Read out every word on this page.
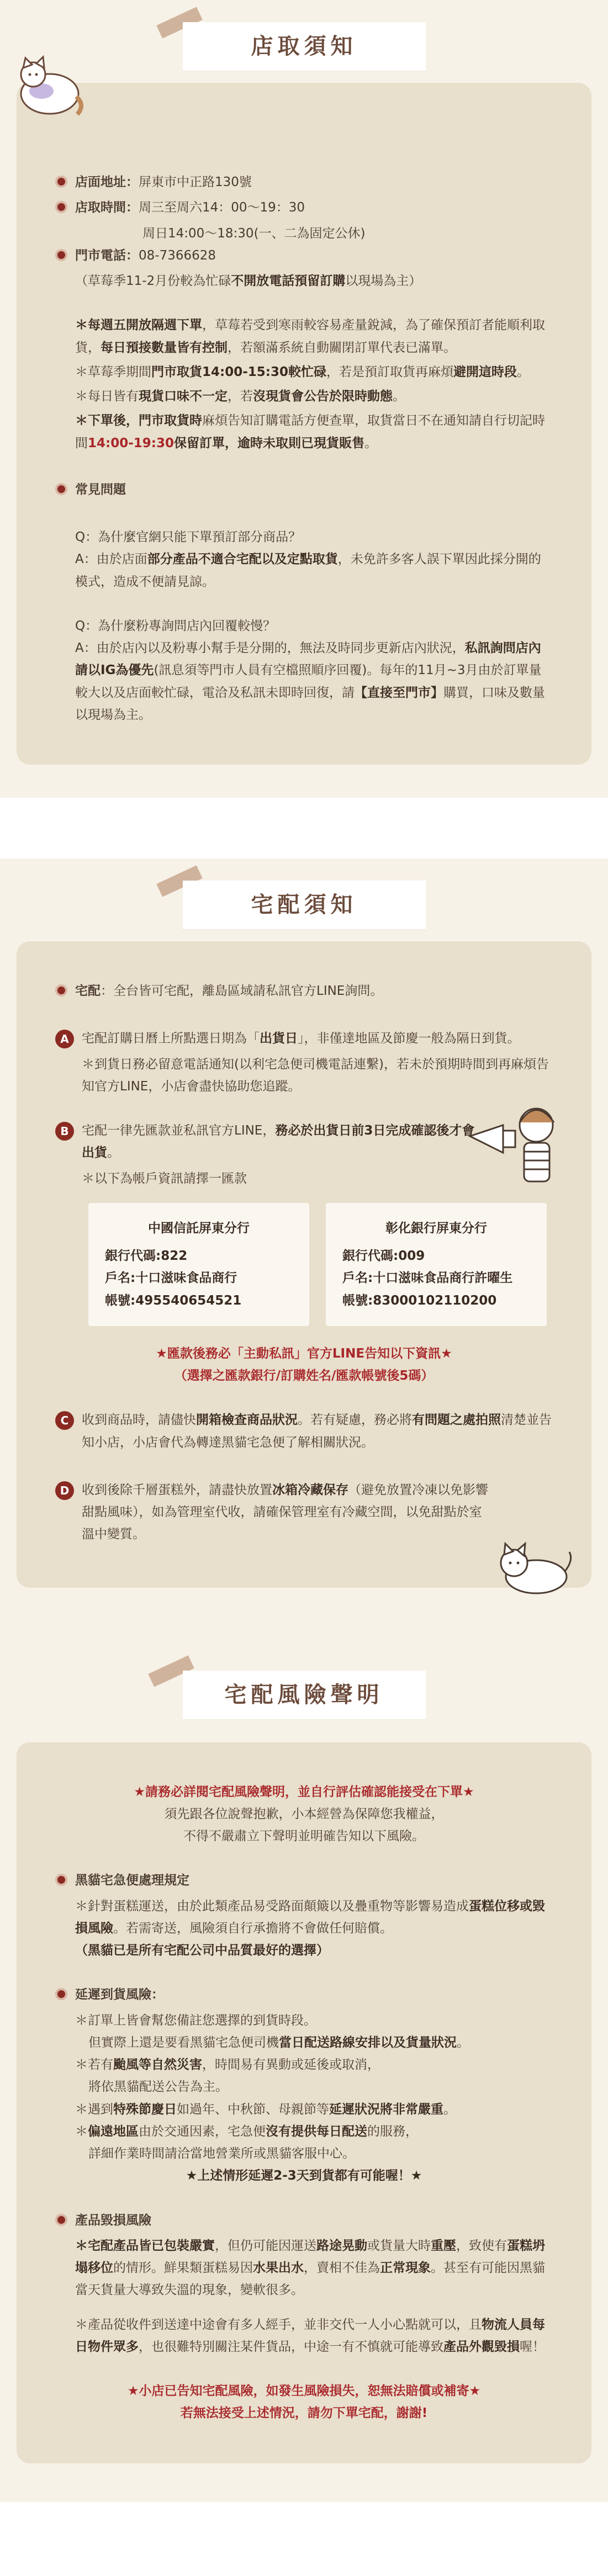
店取須知
店面地址：屏東市中正路130號
店取時間：周三至周六14：00～19：30
周日14:00～18:30(一、二為固定公休)
門市電話：08-7366628
（草莓季11-2月份較為忙碌不開放電話預留訂購以現場為主）
＊每週五開放隔週下單，草莓若受到寒雨較容易產量銳減，為了確保預訂者能順利取貨，每日預接數量皆有控制，若額滿系統自動關閉訂單代表已滿單。
＊草莓季期間門市取貨14:00-15:30較忙碌，若是預訂取貨再麻煩避開這時段。
＊每日皆有現貨口味不一定，若沒現貨會公告於限時動態。
＊下單後，門市取貨時麻煩告知訂購電話方便查單，取貨當日不在通知請自行切記時間14:00-19:30保留訂單，逾時未取則已現貨販售。
常見問題
Q：為什麼官網只能下單預訂部分商品？
A：由於店面部分產品不適合宅配以及定點取貨，未免許多客人誤下單因此採分開的模式，造成不便請見諒。
Q：為什麼粉專詢問店內回覆較慢？
A：由於店內以及粉專小幫手是分開的，無法及時同步更新店內狀況，私訊詢問店內請以IG為優先(訊息須等門市人員有空檔照順序回覆)。每年的11月~3月由於訂單量較大以及店面較忙碌，電洽及私訊未即時回復，請【直接至門市】購買，口味及數量以現場為主。
宅配須知
宅配：全台皆可宅配，離島區域請私訊官方LINE詢問。
A	宅配訂購日曆上所點選日期為「出貨日」，非僅達地區及節慶一般為隔日到貨。
＊到貨日務必留意電話通知(以利宅急便司機電話連繫)，若未於預期時間到再麻煩告知官方LINE，小店會盡快協助您追蹤。
B	宅配一律先匯款並私訊官方LINE，務必於出貨日前3日完成確認後才會出貨。
＊以下為帳戶資訊請擇一匯款
中國信託屏東分行
銀行代碼:822
戶名:十口滋味食品商行
帳號:495540654521
彰化銀行屏東分行
銀行代碼:009
戶名:十口滋味食品商行許曜生
帳號:83000102110200
★匯款後務必「主動私訊」官方LINE告知以下資訊★
（選擇之匯款銀行/訂購姓名/匯款帳號後5碼）
C	收到商品時，請儘快開箱檢查商品狀況。若有疑慮，務必將有問題之處拍照清楚並告知小店，小店會代為轉達黑貓宅急便了解相關狀況。
D 收到後除千層蛋糕外，請盡快放置冰箱冷藏保存（避免放置冷凍以免影響甜點風味），如為管理室代收，請確保管理室有冷藏空間，以免甜點於室溫中變質。
宅配風險聲明
★請務必詳閱宅配風險聲明，並自行評估確認能接受在下單★
須先跟各位說聲抱歉，小本經營為保障您我權益，
不得不嚴肅立下聲明並明確告知以下風險。
黑貓宅急便處理規定
＊針對蛋糕運送，由於此類產品易受路面顛簸以及疊重物等影響易造成蛋糕位移或毀損風險。若需寄送，風險須自行承擔將不會做任何賠償。
（黑貓已是所有宅配公司中品質最好的選擇）
延遲到貨風險：
＊訂單上皆會幫您備註您選擇的到貨時段。
但實際上還是要看黑貓宅急便司機當日配送路線安排以及貨量狀況。
＊若有颱風等自然災害，時間易有異動或延後或取消，
將依黑貓配送公告為主。
＊遇到特殊節慶日如過年、中秋節、母親節等延遲狀況將非常嚴重。
＊偏遠地區由於交通因素，宅急便沒有提供每日配送的服務，
詳細作業時間請洽當地營業所或黑貓客服中心。
★上述情形延遲2-3天到貨都有可能喔！★
產品毀損風險
＊宅配產品皆已包裝嚴實，但仍可能因運送路途晃動或貨量大時重壓，致使有蛋糕坍塌移位的情形。鮮果類蛋糕易因水果出水，賣相不佳為正常現象。甚至有可能因黑貓當天貨量大導致失溫的現象，變軟很多。
＊產品從收件到送達中途會有多人經手，並非交代一人小心點就可以，且物流人員每日物件眾多，也很難特別關注某件貨品，中途一有不慎就可能導致產品外觀毀損喔！
★小店已告知宅配風險，如發生風險損失，恕無法賠償或補寄★
若無法接受上述情況，請勿下單宅配，謝謝!
